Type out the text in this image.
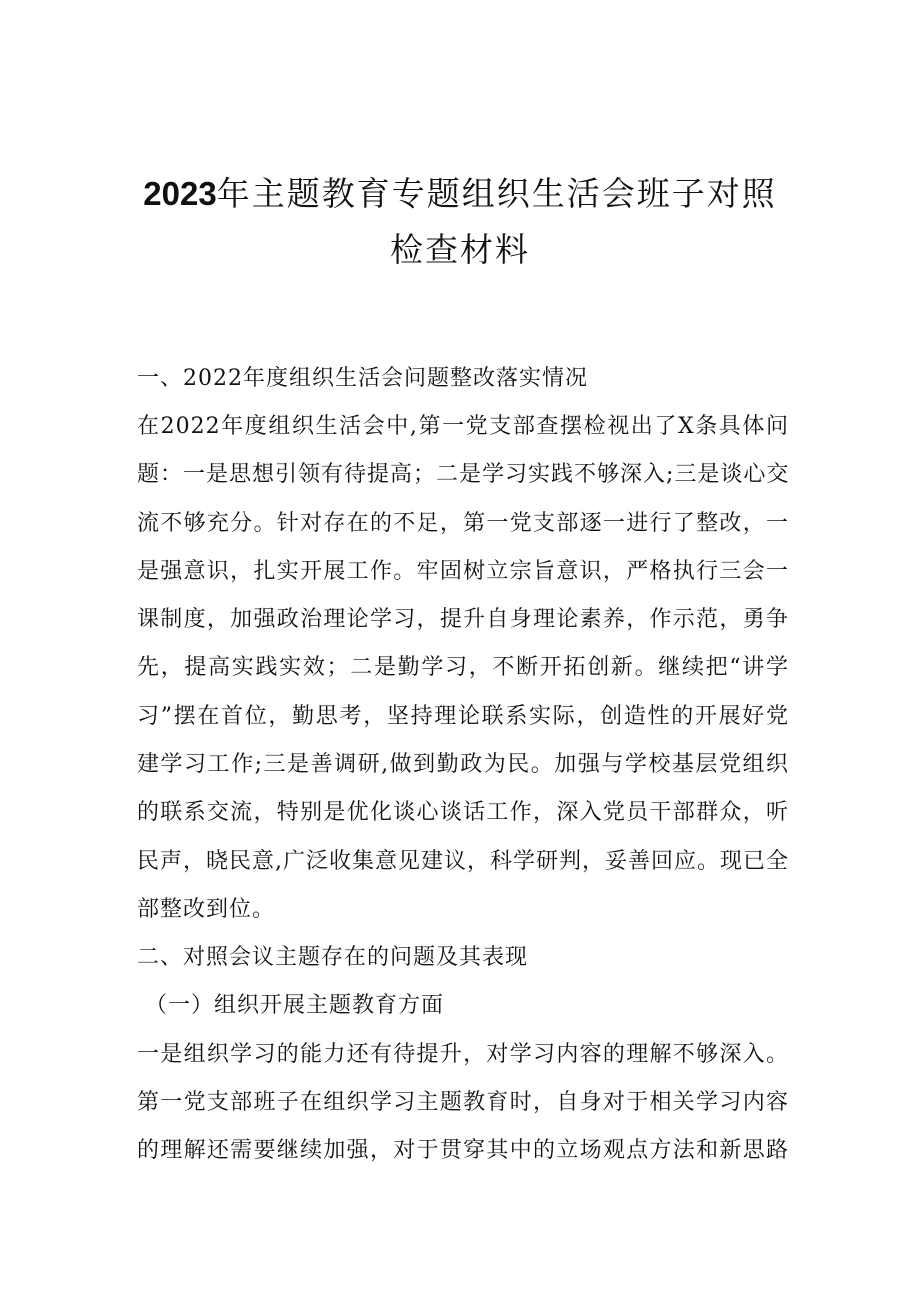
2023年主题教育专题组织生活会班子对照
检查材料
一、2022年度组织生活会问题整改落实情况
在2022年度组织生活会中,第一党支部查摆检视出了X条具体问
题：一是思想引领有待提高；二是学习实践不够深入;三是谈心交
流不够充分。针对存在的不足，第一党支部逐一进行了整改，一
是强意识，扎实开展工作。牢固树立宗旨意识，严格执行三会一
课制度，加强政治理论学习，提升自身理论素养，作示范，勇争
先，提高实践实效；二是勤学习，不断开拓创新。继续把“讲学
习”摆在首位，勤思考，坚持理论联系实际，创造性的开展好党
建学习工作;三是善调研,做到勤政为民。加强与学校基层党组织
的联系交流，特别是优化谈心谈话工作，深入党员干部群众，听
民声，晓民意,广泛收集意见建议，科学研判，妥善回应。现已全
部整改到位。
二、对照会议主题存在的问题及其表现
（一）组织开展主题教育方面
一是组织学习的能力还有待提升，对学习内容的理解不够深入。
第一党支部班子在组织学习主题教育时，自身对于相关学习内容
的理解还需要继续加强，对于贯穿其中的立场观点方法和新思路
